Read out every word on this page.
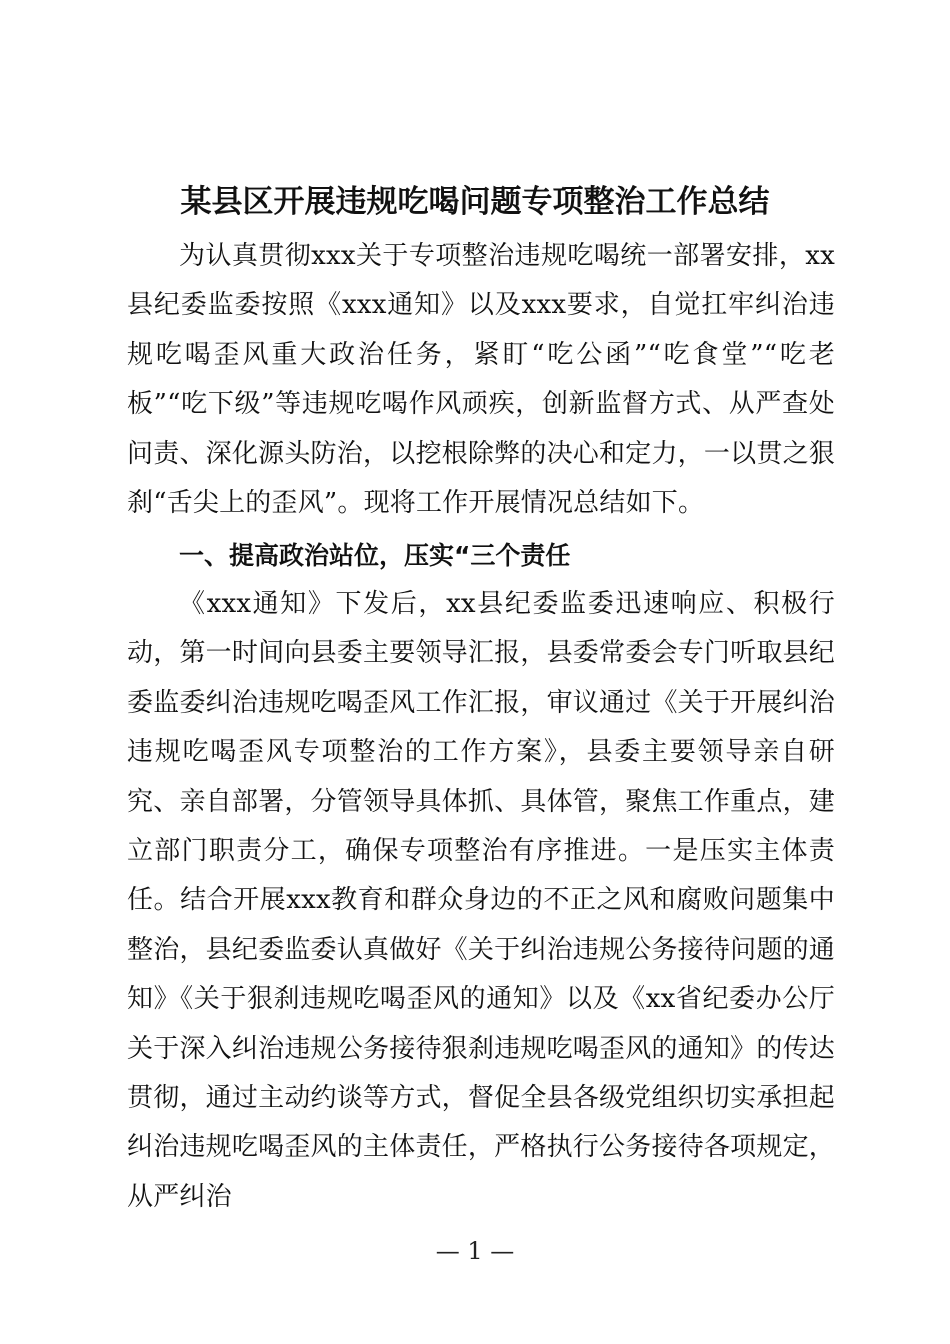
某县区开展违规吃喝问题专项整治工作总结

为认真贯彻xxx关于专项整治违规吃喝统一部署安排，xx县纪委监委按照《xxx通知》以及xxx要求，自觉扛牢纠治违规吃喝歪风重大政治任务，紧盯“吃公函”“吃食堂”“吃老板”“吃下级”等违规吃喝作风顽疾，创新监督方式、从严查处问责、深化源头防治，以挖根除弊的决心和定力，一以贯之狠刹“舌尖上的歪风”。现将工作开展情况总结如下。

一、提高政治站位，压实“三个责任

《xxx通知》下发后，xx县纪委监委迅速响应、积极行动，第一时间向县委主要领导汇报，县委常委会专门听取县纪委监委纠治违规吃喝歪风工作汇报，审议通过《关于开展纠治违规吃喝歪风专项整治的工作方案》，县委主要领导亲自研究、亲自部署，分管领导具体抓、具体管，聚焦工作重点，建立部门职责分工，确保专项整治有序推进。一是压实主体责任。结合开展xxx教育和群众身边的不正之风和腐败问题集中整治，县纪委监委认真做好《关于纠治违规公务接待问题的通知》《关于狠刹违规吃喝歪风的通知》以及《xx省纪委办公厅关于深入纠治违规公务接待狠刹违规吃喝歪风的通知》的传达贯彻，通过主动约谈等方式，督促全县各级党组织切实承担起纠治违规吃喝歪风的主体责任，严格执行公务接待各项规定，从严纠治

— 1 —
